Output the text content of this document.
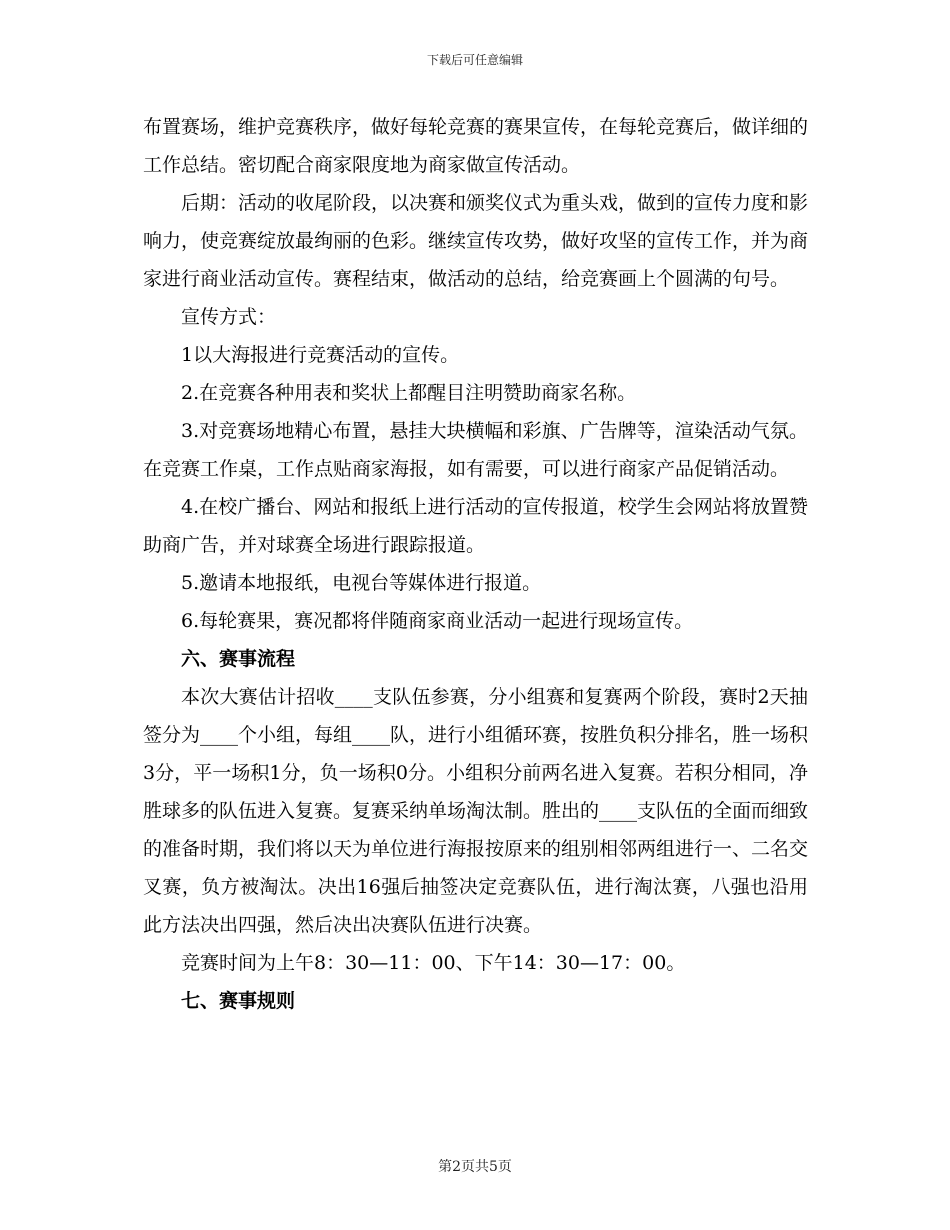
下载后可任意编辑

布置赛场，维护竞赛秩序，做好每轮竞赛的赛果宣传，在每轮竞赛后，做详细的工作总结。密切配合商家限度地为商家做宣传活动。

后期：活动的收尾阶段，以决赛和颁奖仪式为重头戏，做到的宣传力度和影响力，使竞赛绽放最绚丽的色彩。继续宣传攻势，做好攻坚的宣传工作，并为商家进行商业活动宣传。赛程结束，做活动的总结，给竞赛画上个圆满的句号。

宣传方式：

1以大海报进行竞赛活动的宣传。

2.在竞赛各种用表和奖状上都醒目注明赞助商家名称。

3.对竞赛场地精心布置，悬挂大块横幅和彩旗、广告牌等，渲染活动气氛。在竞赛工作桌，工作点贴商家海报，如有需要，可以进行商家产品促销活动。

4.在校广播台、网站和报纸上进行活动的宣传报道，校学生会网站将放置赞助商广告，并对球赛全场进行跟踪报道。

5.邀请本地报纸，电视台等媒体进行报道。

6.每轮赛果，赛况都将伴随商家商业活动一起进行现场宣传。

六、赛事流程

本次大赛估计招收____支队伍参赛，分小组赛和复赛两个阶段，赛时2天抽签分为____个小组，每组____队，进行小组循环赛，按胜负积分排名，胜一场积3分，平一场积1分，负一场积0分。小组积分前两名进入复赛。若积分相同，净胜球多的队伍进入复赛。复赛采纳单场淘汰制。胜出的____支队伍的全面而细致的准备时期，我们将以天为单位进行海报按原来的组别相邻两组进行一、二名交叉赛，负方被淘汰。决出16强后抽签决定竞赛队伍，进行淘汰赛，八强也沿用此方法决出四强，然后决出决赛队伍进行决赛。

竞赛时间为上午8：30—11：00、下午14：30—17：00。

七、赛事规则

第2页共5页
